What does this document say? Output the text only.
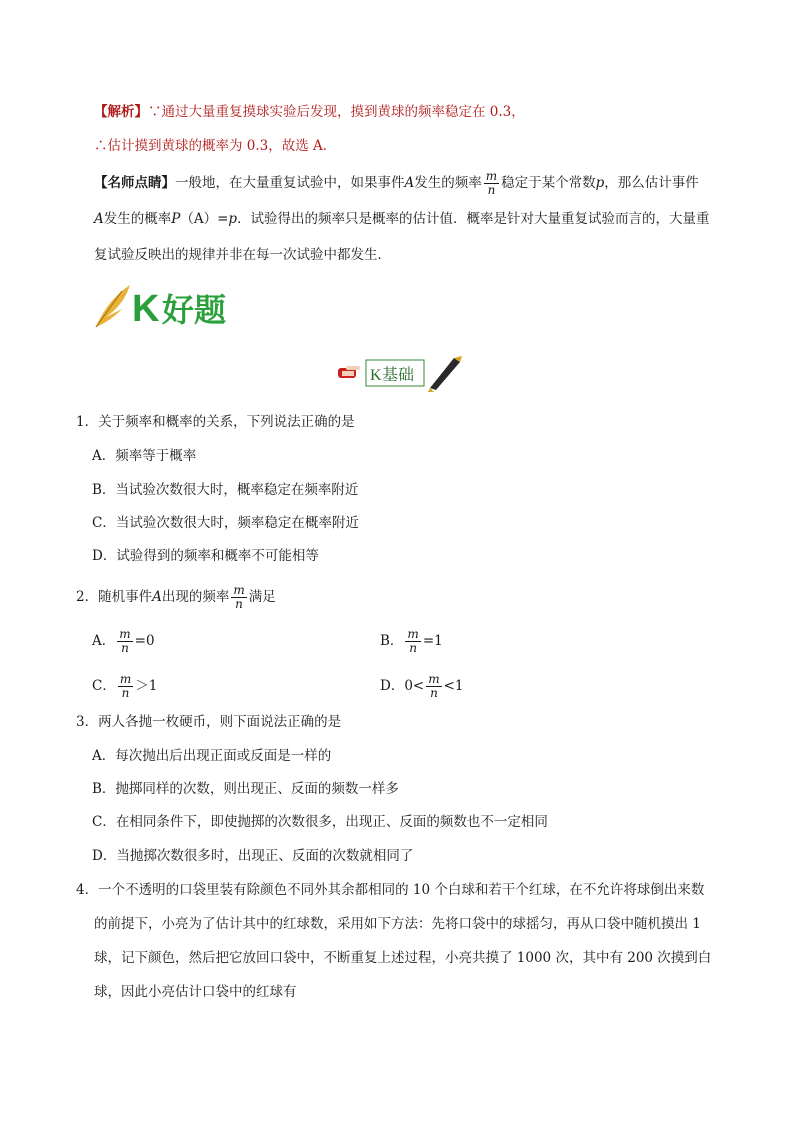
【解析】∵通过大量重复摸球实验后发现，摸到黄球的频率稳定在 0.3，
∴估计摸到黄球的概率为 0.3，故选 A．
【名师点睛】一般地，在大量重复试验中，如果事件A发生的频率 $\frac{m}{n}$ 稳定于某个常数p，那么估计事件
A发生的概率P（A）=p．试验得出的频率只是概率的估计值．概率是针对大量重复试验而言的，大量重
复试验反映出的规律并非在每一次试验中都发生．
K 好题
K 基础
1．关于频率和概率的关系，下列说法正确的是
A．频率等于概率
B．当试验次数很大时，概率稳定在频率附近
C．当试验次数很大时，频率稳定在概率附近
D．试验得到的频率和概率不可能相等
2．随机事件A出现的频率 $\frac{m}{n}$ 满足
A． $\frac{m}{n} =0$	B． $\frac{m}{n} =1$
C． $\frac{m}{n} >1$	D．$0< \frac{m}{n} <1$
3．两人各抛一枚硬币，则下面说法正确的是
A．每次抛出后出现正面或反面是一样的
B．抛掷同样的次数，则出现正、反面的频数一样多
C．在相同条件下，即使抛掷的次数很多，出现正、反面的频数也不一定相同
D．当抛掷次数很多时，出现正、反面的次数就相同了
4．一个不透明的口袋里装有除颜色不同外其余都相同的 10 个白球和若干个红球，在不允许将球倒出来数
的前提下，小亮为了估计其中的红球数，采用如下方法：先将口袋中的球摇匀，再从口袋中随机摸出 1
球，记下颜色，然后把它放回口袋中，不断重复上述过程，小亮共摸了 1000 次，其中有 200 次摸到白
球，因此小亮估计口袋中的红球有
